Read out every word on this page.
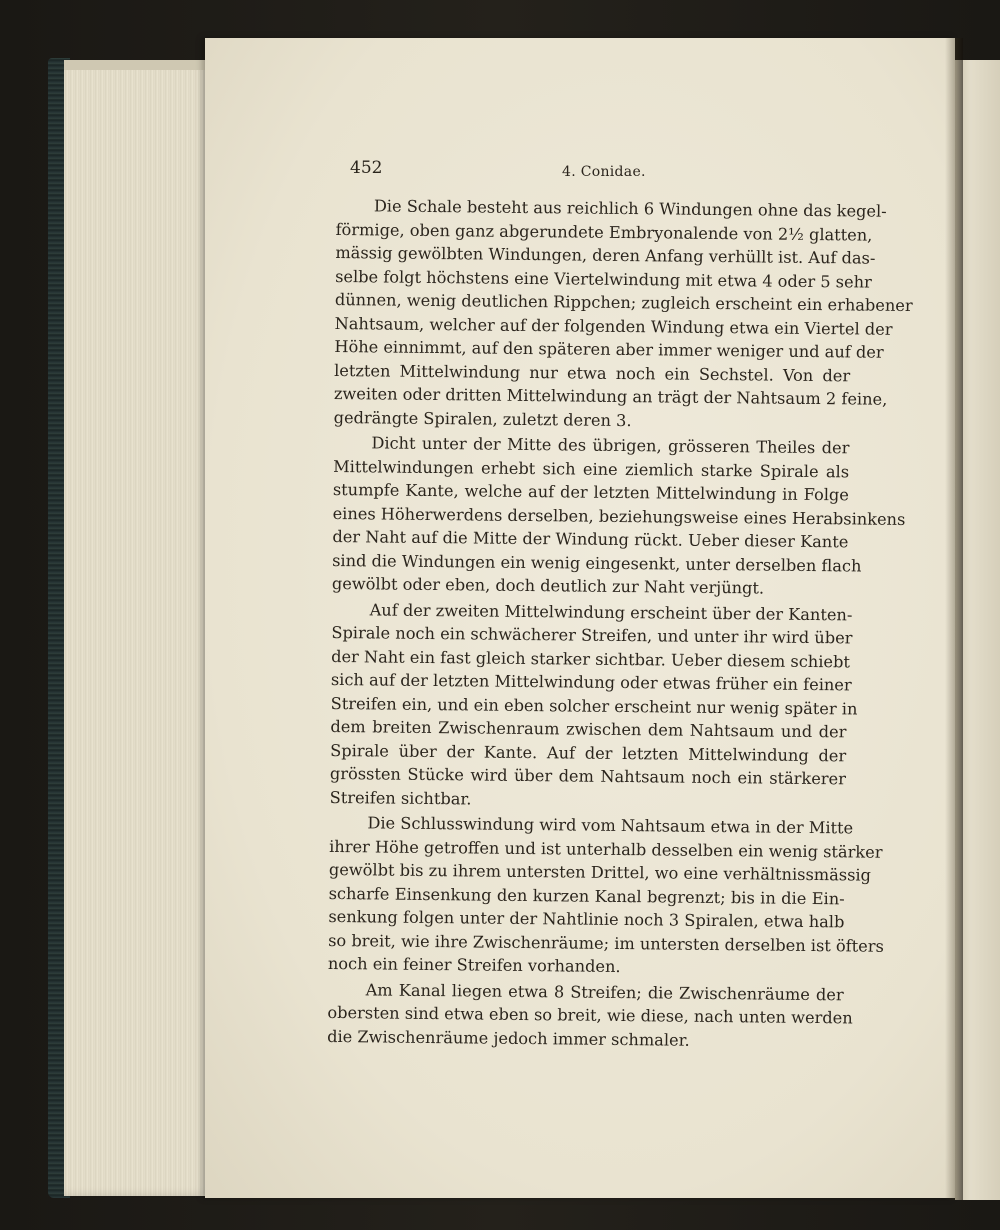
452	4. Conidae.
Die Schale besteht aus reichlich 6 Windungen ohne das kegel-
förmige, oben ganz abgerundete Embryonalende von 2½ glatten,
mässig gewölbten Windungen, deren Anfang verhüllt ist. Auf das-
selbe folgt höchstens eine Viertelwindung mit etwa 4 oder 5 sehr
dünnen, wenig deutlichen Rippchen; zugleich erscheint ein erhabener
Nahtsaum, welcher auf der folgenden Windung etwa ein Viertel der
Höhe einnimmt, auf den späteren aber immer weniger und auf der
letzten Mittelwindung nur etwa noch ein Sechstel. Von der
zweiten oder dritten Mittelwindung an trägt der Nahtsaum 2 feine,
gedrängte Spiralen, zuletzt deren 3.
Dicht unter der Mitte des übrigen, grösseren Theiles der
Mittelwindungen erhebt sich eine ziemlich starke Spirale als
stumpfe Kante, welche auf der letzten Mittelwindung in Folge
eines Höherwerdens derselben, beziehungsweise eines Herabsinkens
der Naht auf die Mitte der Windung rückt. Ueber dieser Kante
sind die Windungen ein wenig eingesenkt, unter derselben flach
gewölbt oder eben, doch deutlich zur Naht verjüngt.
Auf der zweiten Mittelwindung erscheint über der Kanten-
Spirale noch ein schwächerer Streifen, und unter ihr wird über
der Naht ein fast gleich starker sichtbar. Ueber diesem schiebt
sich auf der letzten Mittelwindung oder etwas früher ein feiner
Streifen ein, und ein eben solcher erscheint nur wenig später in
dem breiten Zwischenraum zwischen dem Nahtsaum und der
Spirale über der Kante. Auf der letzten Mittelwindung der
grössten Stücke wird über dem Nahtsaum noch ein stärkerer
Streifen sichtbar.
Die Schlusswindung wird vom Nahtsaum etwa in der Mitte
ihrer Höhe getroffen und ist unterhalb desselben ein wenig stärker
gewölbt bis zu ihrem untersten Drittel, wo eine verhältnissmässig
scharfe Einsenkung den kurzen Kanal begrenzt; bis in die Ein-
senkung folgen unter der Nahtlinie noch 3 Spiralen, etwa halb
so breit, wie ihre Zwischenräume; im untersten derselben ist öfters
noch ein feiner Streifen vorhanden.
Am Kanal liegen etwa 8 Streifen; die Zwischenräume der
obersten sind etwa eben so breit, wie diese, nach unten werden
die Zwischenräume jedoch immer schmaler.
